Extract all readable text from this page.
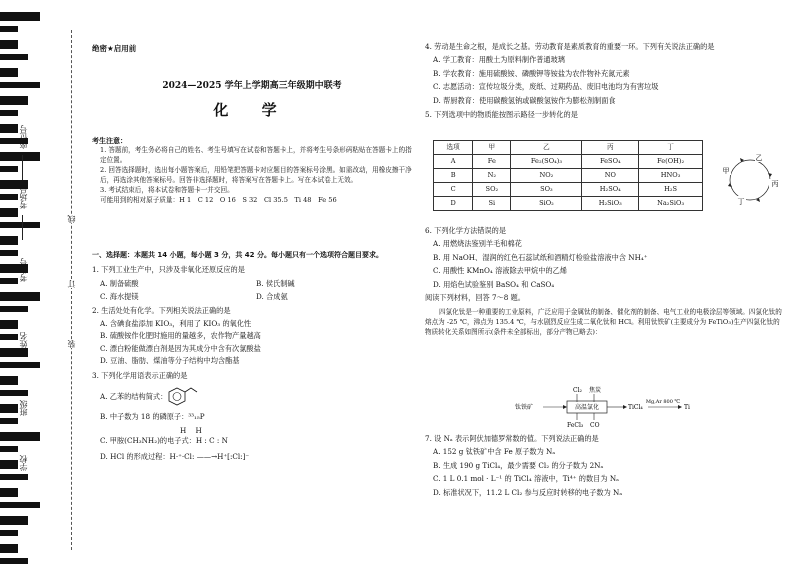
座位号
考场号
考生号
姓名
班级
学校
线
订
装
绝密★启用前
2024—2025 学年上学期高三年级期中联考
化 学
考生注意：
1. 答题前，考生务必将自己的姓名、考生号填写在试卷和答题卡上，并将考生号条形码粘贴在答题卡上的指定位置。
2. 回答选择题时，选出每小题答案后，用铅笔把答题卡对应题目的答案标号涂黑。如需改动，用橡皮擦干净后，再选涂其他答案标号。回答非选择题时，将答案写在答题卡上。写在本试卷上无效。
3. 考试结束后，将本试卷和答题卡一并交回。
可能用到的相对原子质量：H 1　C 12　O 16　S 32　Cl 35.5　Ti 48　Fe 56
一、选择题：本题共 14 小题，每小题 3 分，共 42 分。每小题只有一个选项符合题目要求。
1. 下列工业生产中，只涉及非氧化还原反应的是
A. 制备硫酸	B. 侯氏制碱
C. 海水提镁	D. 合成氨
2. 生活处处有化学。下列相关说法正确的是
A. 含碘食盐添加 KIO₃，利用了 KIO₃ 的氧化性
B. 硫酸铵作化肥时施用的量越多，农作物产量越高
C. 漂白粉能做漂白剂是因为其成分中含有次氯酸盐
D. 豆油、脂肪、煤油等分子结构中均含酯基
3. 下列化学用语表示正确的是
A. 乙苯的结构简式：
B. 中子数为 18 的磷原子：³³₁₅P
H　H
C. 甲胺(CH₃NH₂)的电子式：H : C : N
D. HCl 的形成过程：H·⁺·Cl: ——→H⁺[:Cl:]⁻
4. 劳动是生命之根，是成长之基。劳动教育是素质教育的重要一环。下列有关说法正确的是
A. 学工教育：用酸土为原料制作普通玻璃
B. 学农教育：施用硫酸铵、磷酸钾等铵盐为农作物补充氮元素
C. 志愿活动：宣传垃圾分类，废纸、过期药品、废旧电池均为有害垃圾
D. 帮厨教育：使用碳酸氢钠或碳酸氢铵作为膨松剂制面食
5. 下列选项中的物质能按图示路径一步转化的是
选项	甲	乙	丙	丁
A	Fe	Fe₂(SO₄)₃	FeSO₄	Fe(OH)₂
B	N₂	NO₂	NO	HNO₃
C	SO₂	SO₃	H₂SO₄	H₂S
D	Si	SiO₂	H₂SiO₃	Na₂SiO₃
乙
丙
丁
甲
6. 下列化学方法错误的是
A. 用燃烧法鉴别羊毛和棉花
B. 用 NaOH、湿润的红色石蕊试纸和酒精灯检验盐溶液中含 NH₄⁺
C. 用酸性 KMnO₄ 溶液除去甲烷中的乙烯
D. 用焰色试验鉴别 BaSO₄ 和 CaSO₄
阅读下列材料，回答 7～8 题。
四氯化钛是一种重要的工业原料，广泛应用于金属钛的制备、催化剂的制备、电气工业的电极涂层等领域。四氯化钛的熔点为 -25 ℃，沸点为 135.4 ℃，与水剧烈反应生成二氧化钛和 HCl。利用钛铁矿(主要成分为 FeTiO₃)生产四氯化钛的物质转化关系如图所示(条件未全部标出，部分产物已略去)：
Cl₂ 焦炭
钛铁矿	高温氯化	TiCl₄
Mg,Ar 800 ℃
Ti
FeCl₃ CO
7. 设 Nₐ 表示阿伏加德罗常数的值。下列说法正确的是
A. 152 g 钛铁矿中含 Fe 原子数为 Nₐ
B. 生成 190 g TiCl₄，最少需要 Cl₂ 的分子数为 2Nₐ
C. 1 L 0.1 mol · L⁻¹ 的 TiCl₄ 溶液中，Ti⁴⁺ 的数目为 Nₐ
D. 标准状况下，11.2 L Cl₂ 参与反应时转移的电子数为 Nₐ
